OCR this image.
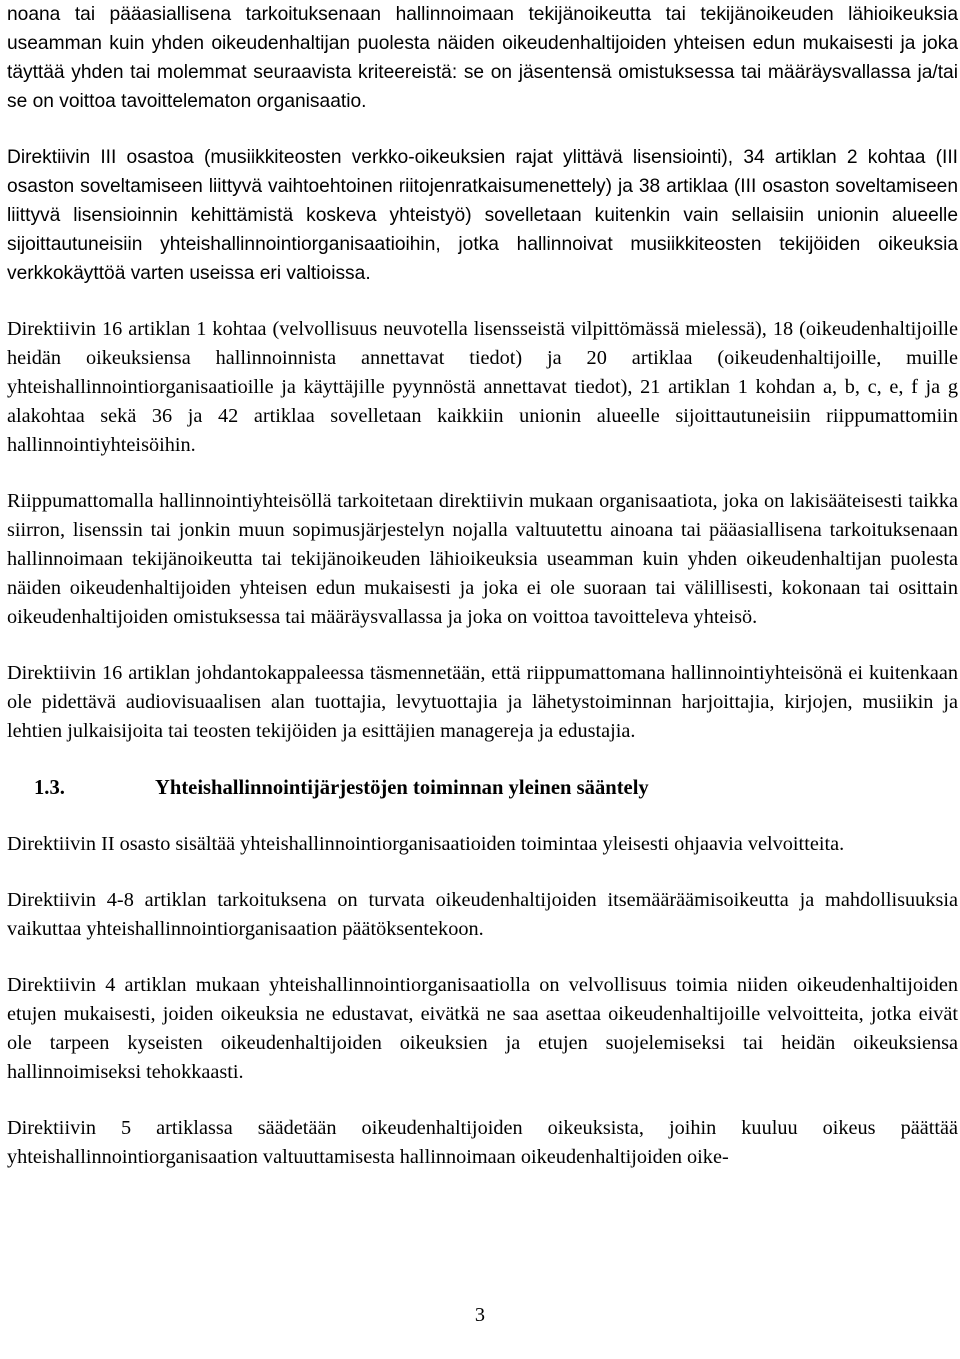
noana tai pääasiallisena tarkoituksenaan hallinnoimaan tekijänoikeutta tai tekijänoikeuden lähioikeuksia useamman kuin yhden oikeudenhaltijan puolesta näiden oikeudenhaltijoiden yhteisen edun mukaisesti ja joka täyttää yhden tai molemmat seuraavista kriteereistä: se on jäsentensä omistuksessa tai määräysvallassa ja/tai se on voittoa tavoittelematon organisaatio.

Direktiivin III osastoa (musiikkiteosten verkko-oikeuksien rajat ylittävä lisensiointi), 34 artiklan 2 kohtaa (III osaston soveltamiseen liittyvä vaihtoehtoinen riitojenratkaisumenettely) ja 38 artiklaa (III osaston soveltamiseen liittyvä lisensioinnin kehittämistä koskeva yhteistyö) sovelletaan kuitenkin vain sellaisiin unionin alueelle sijoittautuneisiin yhteishallinnointiorganisaatioihin, jotka hallinnoivat musiikkiteosten tekijöiden oikeuksia verkkokäyttöä varten useissa eri valtioissa.

Direktiivin 16 artiklan 1 kohtaa (velvollisuus neuvotella lisensseistä vilpittömässä mielessä), 18 (oikeudenhaltijoille heidän oikeuksiensa hallinnoinnista annettavat tiedot) ja 20 artiklaa (oikeudenhaltijoille, muille yhteishallinnointiorganisaatioille ja käyttäjille pyynnöstä annettavat tiedot), 21 artiklan 1 kohdan a, b, c, e, f ja g alakohtaa sekä 36 ja 42 artiklaa sovelletaan kaikkiin unionin alueelle sijoittautuneisiin riippumattomiin hallinnointiyhteisöihin.

Riippumattomalla hallinnointiyhteisöllä tarkoitetaan direktiivin mukaan organisaatiota, joka on lakisääteisesti taikka siirron, lisenssin tai jonkin muun sopimusjärjestelyn nojalla valtuutettu ainoana tai pääasiallisena tarkoituksenaan hallinnoimaan tekijänoikeutta tai tekijänoikeuden lähioikeuksia useamman kuin yhden oikeudenhaltijan puolesta näiden oikeudenhaltijoiden yhteisen edun mukaisesti ja joka ei ole suoraan tai välillisesti, kokonaan tai osittain oikeudenhaltijoiden omistuksessa tai määräysvallassa ja joka on voittoa tavoitteleva yhteisö.

Direktiivin 16 artiklan johdantokappaleessa täsmennetään, että riippumattomana hallinnointiyhteisönä ei kuitenkaan ole pidettävä audiovisuaalisen alan tuottajia, levytuottajia ja lähetystoiminnan harjoittajia, kirjojen, musiikin ja lehtien julkaisijoita tai teosten tekijöiden ja esittäjien managereja ja edustajia.

1.3.	Yhteishallinnointijärjestöjen toiminnan yleinen sääntely

Direktiivin II osasto sisältää yhteishallinnointiorganisaatioiden toimintaa yleisesti ohjaavia velvoitteita.

Direktiivin 4-8 artiklan tarkoituksena on turvata oikeudenhaltijoiden itsemääräämisoikeutta ja mahdollisuuksia vaikuttaa yhteishallinnointiorganisaation päätöksentekoon.

Direktiivin 4 artiklan mukaan yhteishallinnointiorganisaatiolla on velvollisuus toimia niiden oikeudenhaltijoiden etujen mukaisesti, joiden oikeuksia ne edustavat, eivätkä ne saa asettaa oikeudenhaltijoille velvoitteita, jotka eivät ole tarpeen kyseisten oikeudenhaltijoiden oikeuksien ja etujen suojelemiseksi tai heidän oikeuksiensa hallinnoimiseksi tehokkaasti.

Direktiivin 5 artiklassa säädetään oikeudenhaltijoiden oikeuksista, joihin kuuluu oikeus päättää yhteishallinnointiorganisaation valtuuttamisesta hallinnoimaan oikeudenhaltijoiden oike-

3
